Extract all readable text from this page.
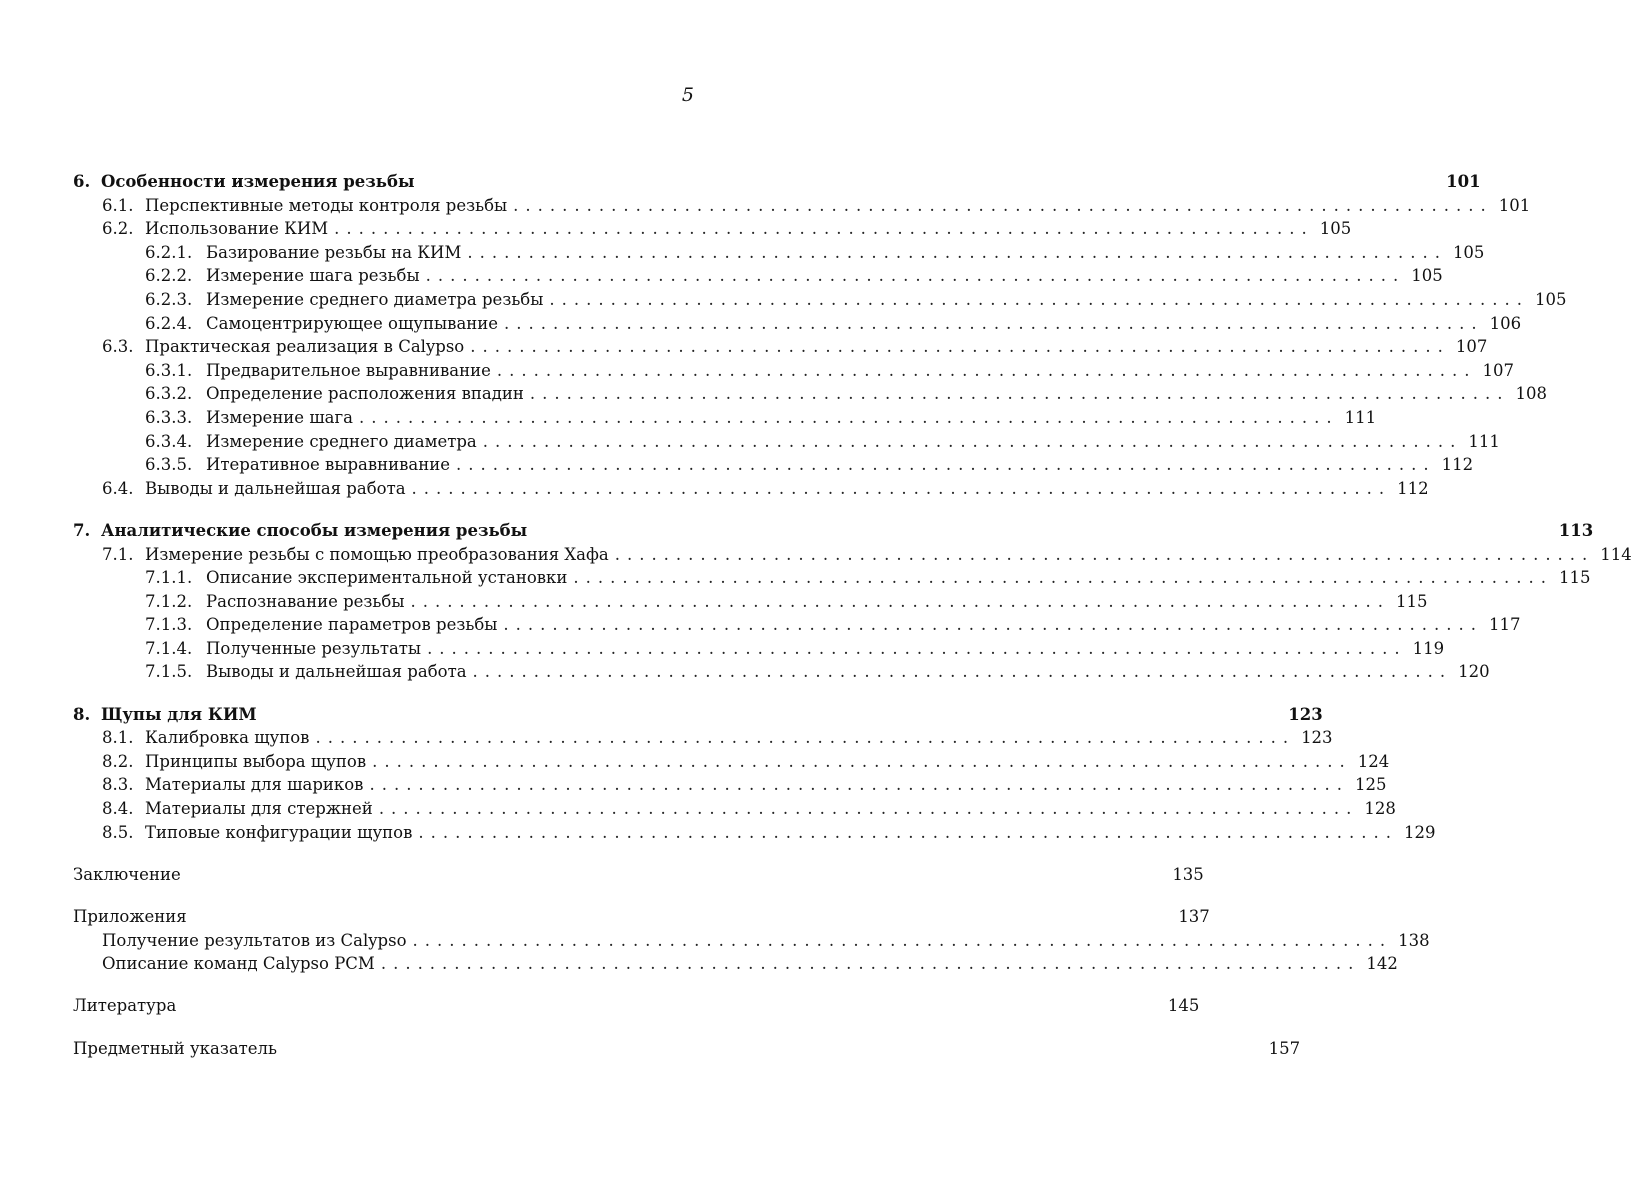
5
6. Особенности измерения резьбы	101
6.1. Перспективные методы контроля резьбы ................................................................................ 101
6.2. Использование КИМ ................................................................................ 105
6.2.1. Базирование резьбы на КИМ ................................................................................ 105
6.2.2. Измерение шага резьбы ................................................................................ 105
6.2.3. Измерение среднего диаметра резьбы ................................................................................ 105
6.2.4. Самоцентрирующее ощупывание ................................................................................ 106
6.3. Практическая реализация в Calypso ................................................................................ 107
6.3.1. Предварительное выравнивание ................................................................................ 107
6.3.2. Определение расположения впадин ................................................................................ 108
6.3.3. Измерение шага ................................................................................ 111
6.3.4. Измерение среднего диаметра ................................................................................ 111
6.3.5. Итеративное выравнивание ................................................................................ 112
6.4. Выводы и дальнейшая работа ................................................................................ 112
7. Аналитические способы измерения резьбы	113
7.1. Измерение резьбы с помощью преобразования Хафа ................................................................................ 114
7.1.1. Описание экспериментальной установки ................................................................................ 115
7.1.2. Распознавание резьбы ................................................................................ 115
7.1.3. Определение параметров резьбы ................................................................................ 117
7.1.4. Полученные результаты ................................................................................ 119
7.1.5. Выводы и дальнейшая работа ................................................................................ 120
8. Щупы для КИМ	123
8.1. Калибровка щупов ................................................................................ 123
8.2. Принципы выбора щупов ................................................................................ 124
8.3. Материалы для шариков ................................................................................ 125
8.4. Материалы для стержней ................................................................................ 128
8.5. Типовые конфигурации щупов ................................................................................ 129
Заключение	135
Приложения	137
Получение результатов из Calypso ................................................................................ 138
Описание команд Calypso PCM ................................................................................ 142
Литература	145
Предметный указатель	157
